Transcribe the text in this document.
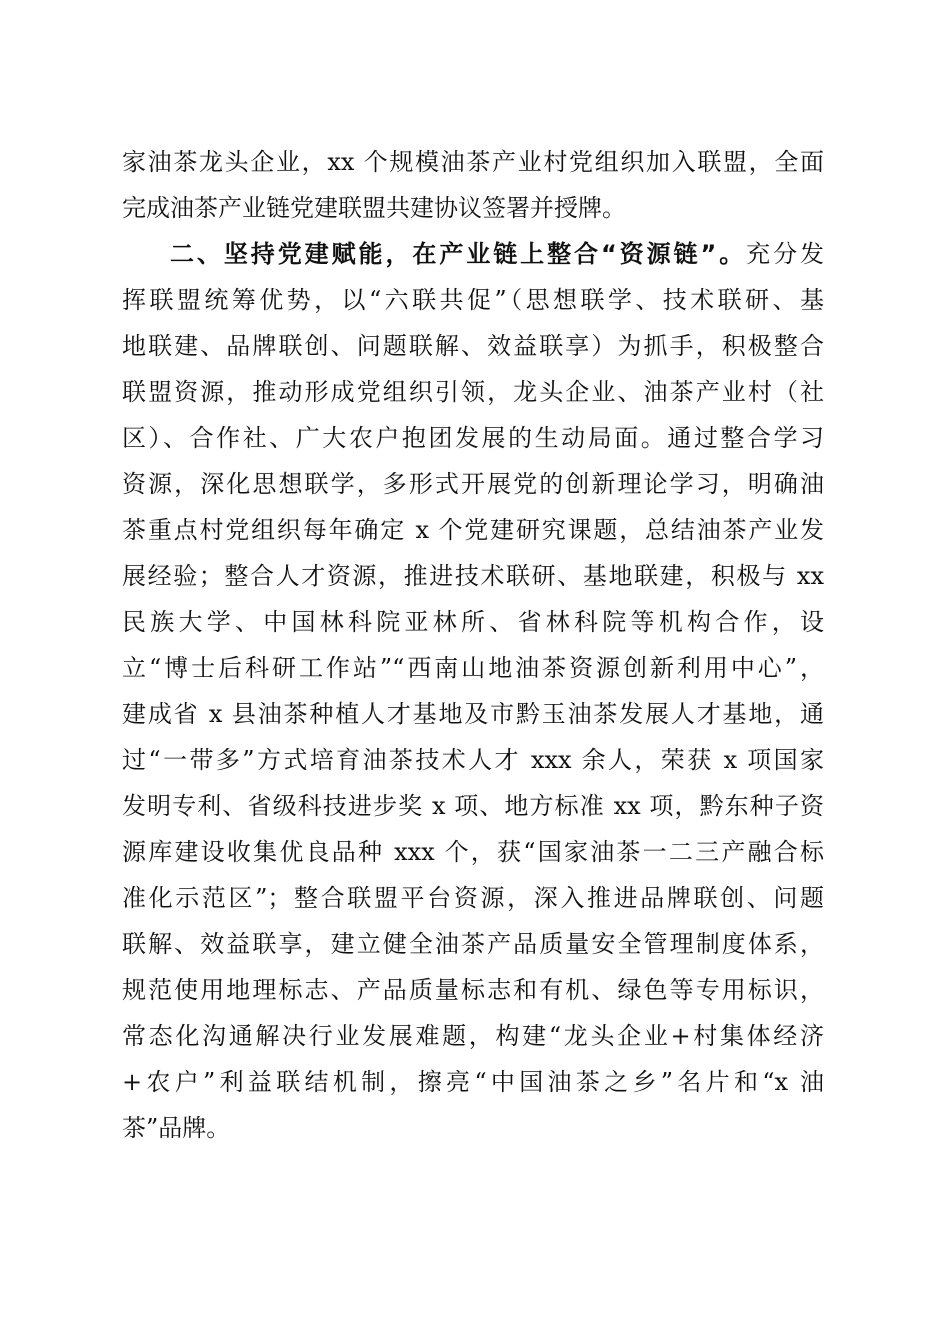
家油茶龙头企业，xx 个规模油茶产业村党组织加入联盟，全面
完成油茶产业链党建联盟共建协议签署并授牌。
二、坚持党建赋能，在产业链上整合“资源链”。充分发
挥联盟统筹优势，以“六联共促”（思想联学、技术联研、基
地联建、品牌联创、问题联解、效益联享）为抓手，积极整合
联盟资源，推动形成党组织引领，龙头企业、油茶产业村（社
区）、合作社、广大农户抱团发展的生动局面。通过整合学习
资源，深化思想联学，多形式开展党的创新理论学习，明确油
茶重点村党组织每年确定 x 个党建研究课题，总结油茶产业发
展经验；整合人才资源，推进技术联研、基地联建，积极与 xx
民族大学、中国林科院亚林所、省林科院等机构合作，设
立“博士后科研工作站”“西南山地油茶资源创新利用中心”，
建成省 x 县油茶种植人才基地及市黔玉油茶发展人才基地，通
过“一带多”方式培育油茶技术人才 xxx 余人，荣获 x 项国家
发明专利、省级科技进步奖 x 项、地方标准 xx 项，黔东种子资
源库建设收集优良品种 xxx 个，获“国家油茶一二三产融合标
准化示范区”；整合联盟平台资源，深入推进品牌联创、问题
联解、效益联享，建立健全油茶产品质量安全管理制度体系，
规范使用地理标志、产品质量标志和有机、绿色等专用标识，
常态化沟通解决行业发展难题，构建“龙头企业+村集体经济
+农户”利益联结机制，擦亮“中国油茶之乡”名片和“x 油
茶”品牌。
